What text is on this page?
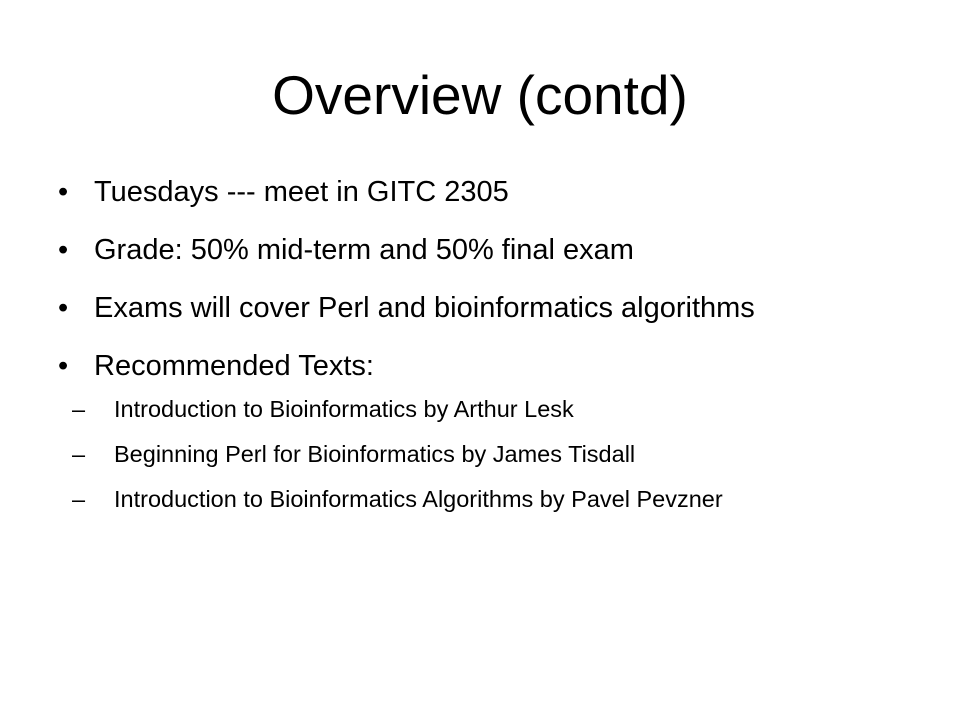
Overview (contd)
• Tuesdays --- meet in GITC 2305
• Grade: 50% mid-term and 50% final exam
• Exams will cover Perl and bioinformatics algorithms
• Recommended Texts:
– Introduction to Bioinformatics by Arthur Lesk
– Beginning Perl for Bioinformatics by James Tisdall
– Introduction to Bioinformatics Algorithms by Pavel Pevzner
